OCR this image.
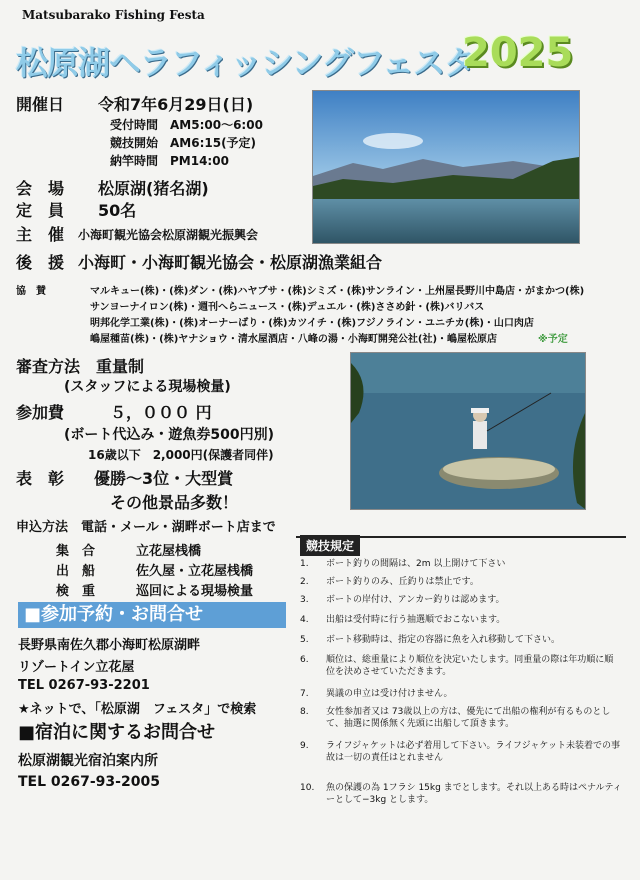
Matsubarako Fishing Festa
松原湖ヘラフィッシングフェスタ
2025
開催日 令和7年6月29日(日)
受付時間　AM5:00～6:00
競技開始　AM6:15(予定)
納竿時間　PM14:00
会　場 松原湖(猪名湖)
定　員 50名
主　催 小海町観光協会松原湖観光振興会
後　援 小海町・小海町観光協会・松原湖漁業組合
協　賛	マルキュー(株)・(株)ダン・(株)ハヤブサ・(株)シミズ・(株)サンライン・上州屋長野川中島店・がまかつ(株)
サンヨーナイロン(株)・週刊へらニュース・(株)デュエル・(株)ささめ針・(株)バリバス
明邦化学工業(株)・(株)オーナーばり・(株)カツイチ・(株)フジノライン・ユニチカ(株)・山口肉店
嶋屋種苗(株)・(株)ヤナショウ・清水屋酒店・八峰の湯・小海町開発公社(社)・嶋屋松原店	※予定
審査方法　重量制
(スタッフによる現場検量)
参加費	５，０００ 円
(ボート代込み・遊魚券500円別)
16歳以下　2,000円(保護者同伴)
表　彰 優勝～3位・大型賞
その他景品多数！
申込方法　電話・メール・湖畔ボート店まで
集　合	立花屋桟橋
出　船	佐久屋・立花屋桟橋
検　重	巡回による現場検量
■参加予約・お問合せ
長野県南佐久郡小海町松原湖畔
リゾートイン立花屋
TEL 0267-93-2201
★ネットで、「松原湖　フェスタ」で検索
■宿泊に関するお問合せ
松原湖観光宿泊案内所
TEL 0267-93-2005
競技規定
1.	ボート釣りの間隔は、2m 以上開けて下さい
2.	ボート釣りのみ、丘釣りは禁止です。
3.	ボートの岸付け、アンカー釣りは認めます。
4.	出船は受付時に行う抽選順でおこないます。
5.	ボート移動時は、指定の容器に魚を入れ移動して下さい。
6.	順位は、総重量により順位を決定いたします。同重量の際は年功順に順位を決めさせていただきます。
7.	異議の申立は受け付けません。
8.	女性参加者又は 73歳以上の方は、優先にて出船の権利が有るものとして、抽選に関係無く先頭に出船して頂きます。
9.	ライフジャケットは必ず着用して下さい。ライフジャケット未装着での事故は一切の責任はとれません
10.	魚の保護の為 1フラシ 15kg までとします。それ以上ある時はペナルティーとして−3kg とします。
